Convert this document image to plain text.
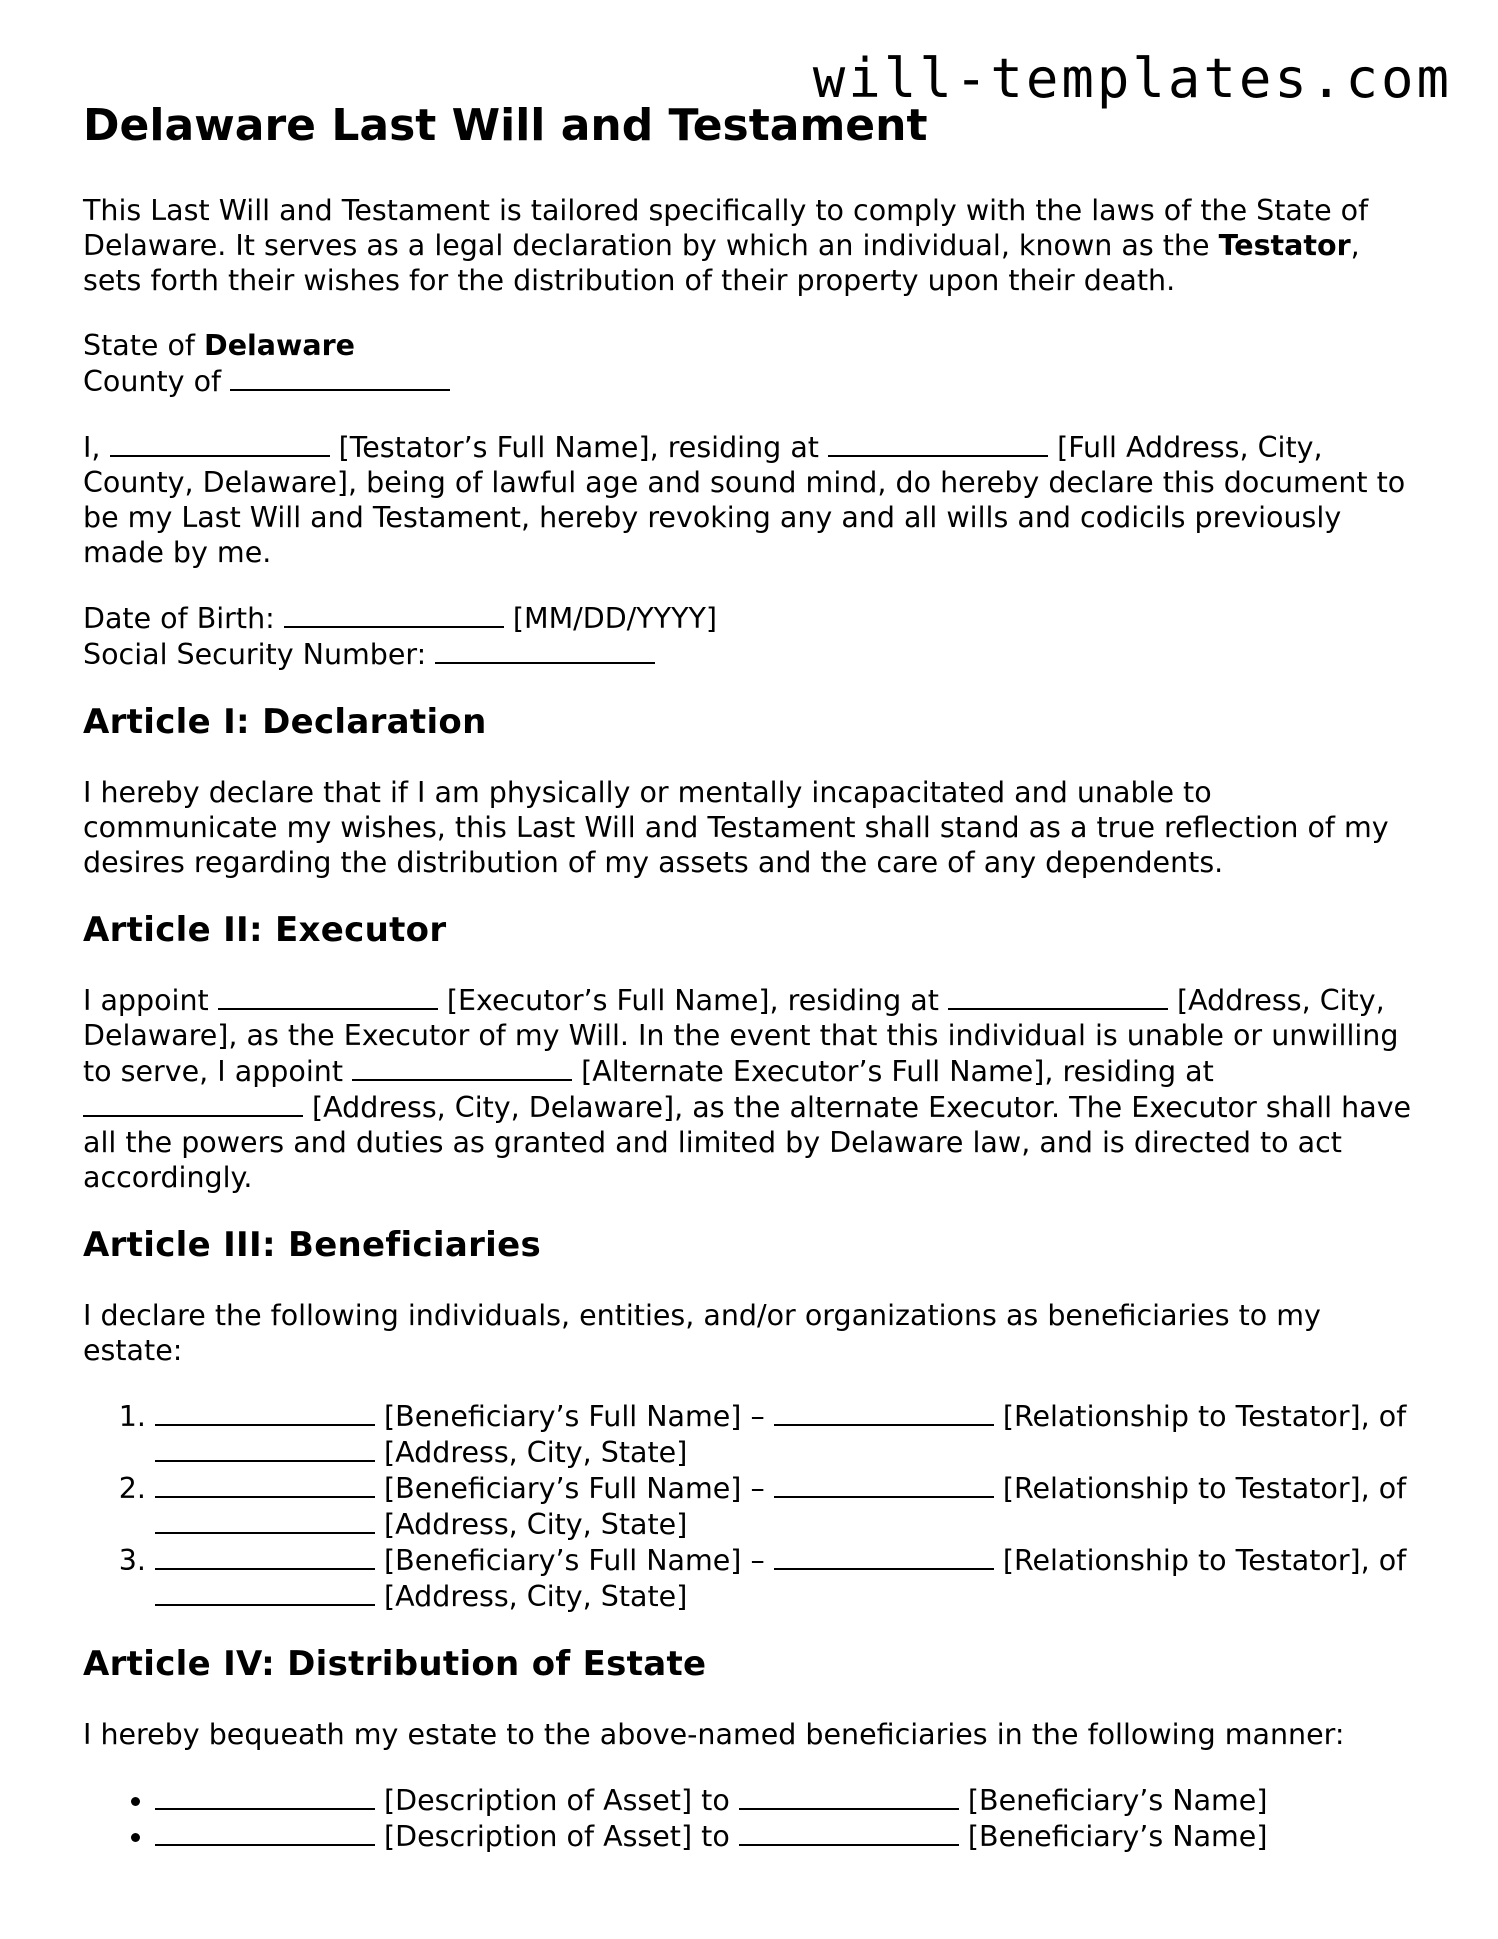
will-templates.com
Delaware Last Will and Testament

This Last Will and Testament is tailored specifically to comply with the laws of the State of Delaware. It serves as a legal declaration by which an individual, known as the Testator, sets forth their wishes for the distribution of their property upon their death.

State of Delaware
County of

I,	[Testator’s Full Name], residing at	[Full Address, City, County, Delaware], being of lawful age and sound mind, do hereby declare this document to be my Last Will and Testament, hereby revoking any and all wills and codicils previously made by me.

Date of Birth:	[MM/DD/YYYY]
Social Security Number:

Article I: Declaration

I hereby declare that if I am physically or mentally incapacitated and unable to communicate my wishes, this Last Will and Testament shall stand as a true reflection of my desires regarding the distribution of my assets and the care of any dependents.

Article II: Executor

I appoint	[Executor’s Full Name], residing at	[Address, City, Delaware], as the Executor of my Will. In the event that this individual is unable or unwilling to serve, I appoint	[Alternate Executor’s Full Name], residing at  [Address, City, Delaware], as the alternate Executor. The Executor shall have all the powers and duties as granted and limited by Delaware law, and is directed to act accordingly.

Article III: Beneficiaries

I declare the following individuals, entities, and/or organizations as beneficiaries to my estate:

1. [Beneficiary’s Full Name] –	[Relationship to Testator], of  [Address, City, State]
2. [Beneficiary’s Full Name] –	[Relationship to Testator], of  [Address, City, State]
3. [Beneficiary’s Full Name] –	[Relationship to Testator], of  [Address, City, State]
Article IV: Distribution of Estate

I hereby bequeath my estate to the above-named beneficiaries in the following manner:

• [Description of Asset] to	[Beneficiary’s Name]
• [Description of Asset] to	[Beneficiary’s Name]
